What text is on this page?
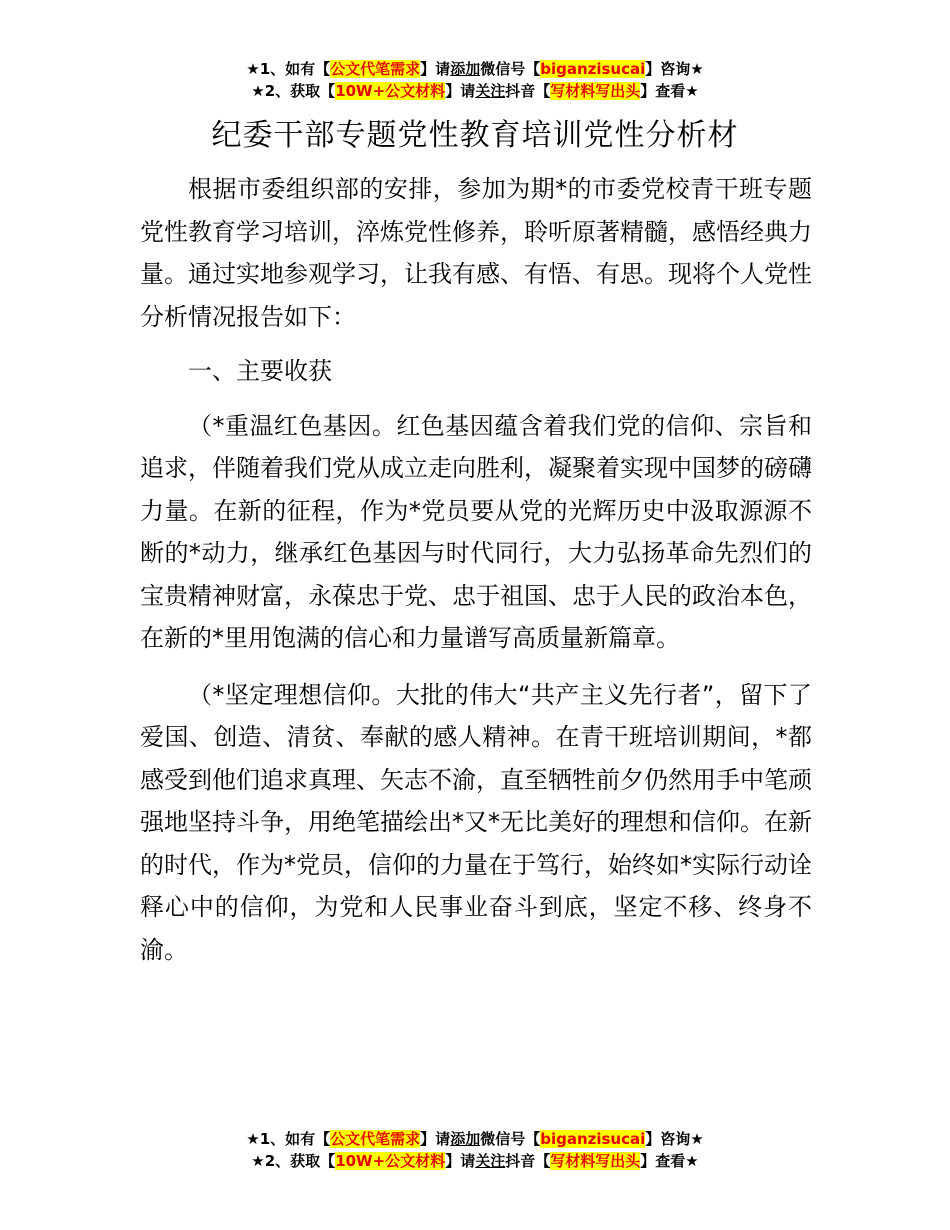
★1、如有【公文代笔需求】请添加微信号【biganzisucai】咨询★
★2、获取【10W+公文材料】请关注抖音【写材料写出头】查看★
纪委干部专题党性教育培训党性分析材

根据市委组织部的安排，参加为期*的市委党校青干班专题党性教育学习培训，淬炼党性修养，聆听原著精髓，感悟经典力量。通过实地参观学习，让我有感、有悟、有思。现将个人党性分析情况报告如下：

一、主要收获

（*重温红色基因。红色基因蕴含着我们党的信仰、宗旨和追求，伴随着我们党从成立走向胜利，凝聚着实现中国梦的磅礴力量。在新的征程，作为*党员要从党的光辉历史中汲取源源不断的*动力，继承红色基因与时代同行，大力弘扬革命先烈们的宝贵精神财富，永葆忠于党、忠于祖国、忠于人民的政治本色，在新的*里用饱满的信心和力量谱写高质量新篇章。

（*坚定理想信仰。大批的伟大“共产主义先行者”，留下了爱国、创造、清贫、奉献的感人精神。在青干班培训期间，*都感受到他们追求真理、矢志不渝，直至牺牲前夕仍然用手中笔顽强地坚持斗争，用绝笔描绘出*又*无比美好的理想和信仰。在新的时代，作为*党员，信仰的力量在于笃行，始终如*实际行动诠释心中的信仰，为党和人民事业奋斗到底，坚定不移、终身不渝。

★1、如有【公文代笔需求】请添加微信号【biganzisucai】咨询★
★2、获取【10W+公文材料】请关注抖音【写材料写出头】查看★
